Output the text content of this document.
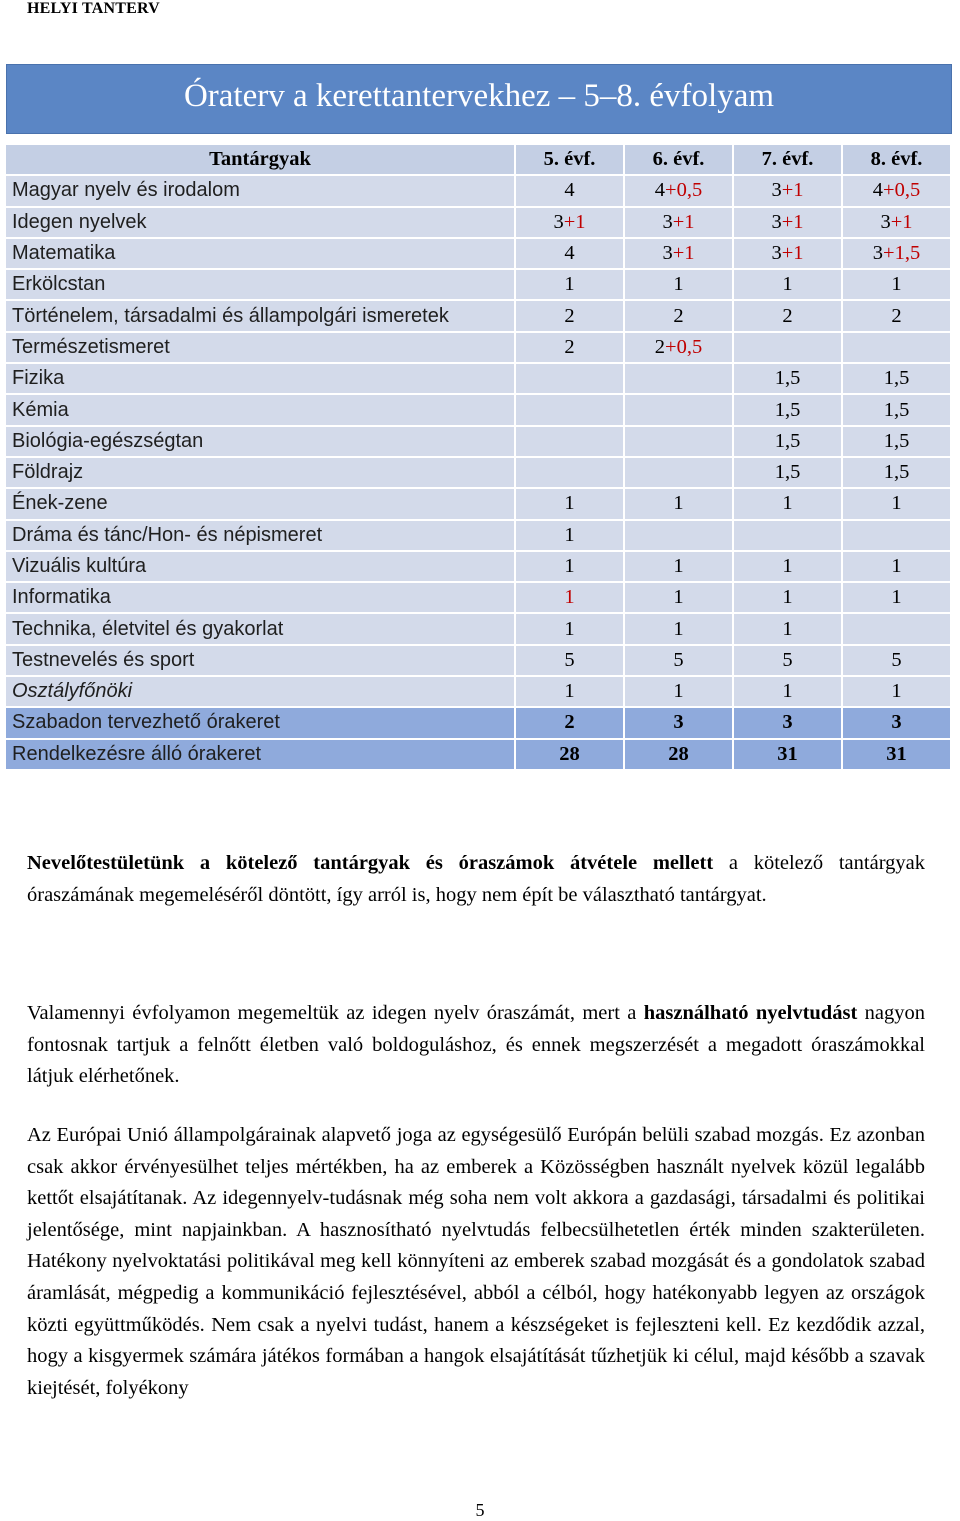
HELYI TANTERV
Óraterv a kerettantervekhez – 5–8. évfolyam
Tantárgyak	5. évf.	6. évf.	7. évf.	8. évf.
Magyar nyelv és irodalom	4	4+0,5	3+1	4+0,5
Idegen nyelvek	3+1	3+1	3+1	3+1
Matematika	4	3+1	3+1	3+1,5
Erkölcstan	1	1	1	1
Történelem, társadalmi és állampolgári ismeretek	2	2	2	2
Természetismeret	2	2+0,5		
Fizika			1,5	1,5
Kémia			1,5	1,5
Biológia-egészségtan			1,5	1,5
Földrajz			1,5	1,5
Ének-zene	1	1	1	1
Dráma és tánc/Hon- és népismeret	1			
Vizuális kultúra	1	1	1	1
Informatika	1	1	1	1
Technika, életvitel és gyakorlat	1	1	1	
Testnevelés és sport	5	5	5	5
Osztályfőnöki	1	1	1	1
Szabadon tervezhető órakeret	2	3	3	3
Rendelkezésre álló órakeret	28	28	31	31
Nevelőtestületünk a kötelező tantárgyak és óraszámok átvétele mellett a kötelező tantárgyak óraszámának megemeléséről döntött, így arról is, hogy nem épít be választható tantárgyat.
Valamennyi évfolyamon megemeltük az idegen nyelv óraszámát, mert a használható nyelvtudást nagyon fontosnak tartjuk a felnőtt életben való boldoguláshoz, és ennek megszerzését a megadott óraszámokkal látjuk elérhetőnek.
Az Európai Unió állampolgárainak alapvető joga az egységesülő Európán belüli szabad mozgás. Ez azonban csak akkor érvényesülhet teljes mértékben, ha az emberek a Közösségben használt nyelvek közül legalább kettőt elsajátítanak. Az idegennyelv-tudásnak még soha nem volt akkora a gazdasági, társadalmi és politikai jelentősége, mint napjainkban. A hasznosítható nyelvtudás felbecsülhetetlen érték minden szakterületen. Hatékony nyelvoktatási politikával meg kell könnyíteni az emberek szabad mozgását és a gondolatok szabad áramlását, mégpedig a kommunikáció fejlesztésével, abból a célból, hogy hatékonyabb legyen az országok közti együttműködés. Nem csak a nyelvi tudást, hanem a készségeket is fejleszteni kell. Ez kezdődik azzal, hogy a kisgyermek számára játékos formában a hangok elsajátítását tűzhetjük ki célul, majd később a szavak kiejtését, folyékony
5
